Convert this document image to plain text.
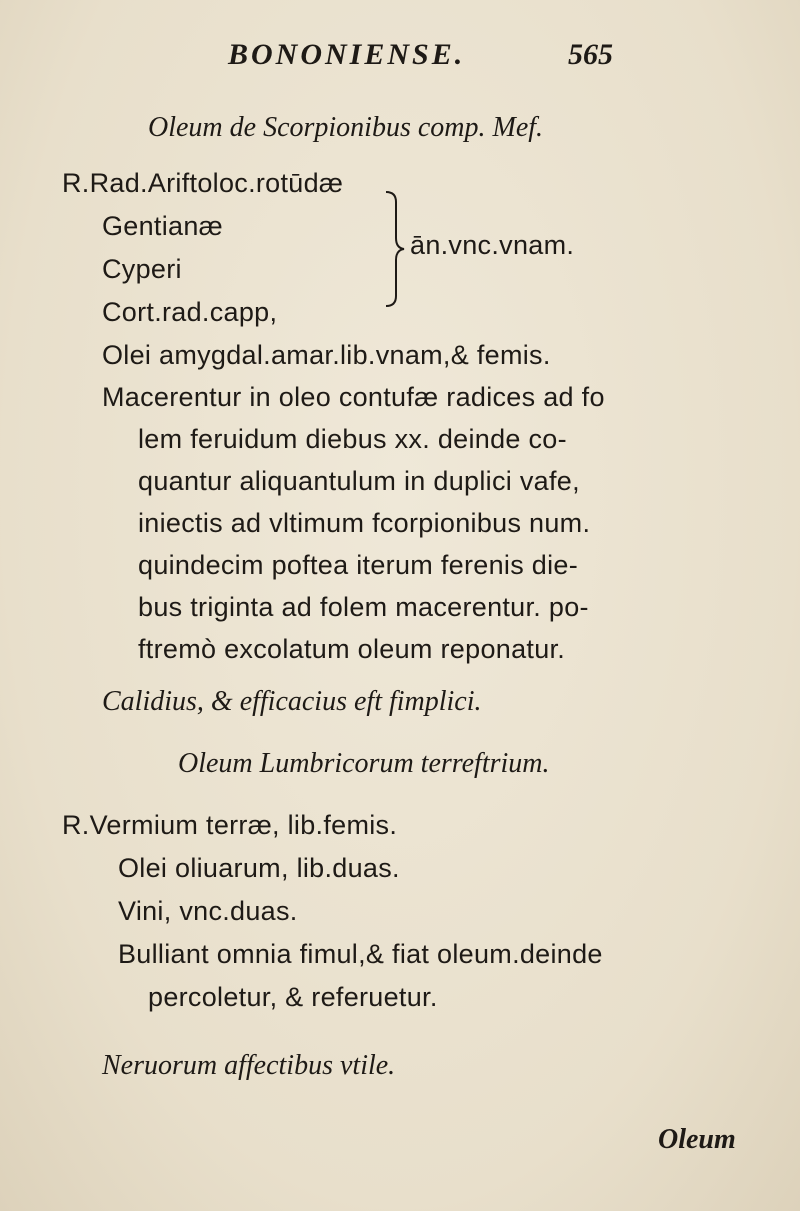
BONONIENSE.	565
Oleum de Scorpionibus comp. Mef.
R.Rad.Ariftoloc.rotūdæ
Gentianæ
Cyperi
Cort.rad.capp,
ān.vnc.vnam.
Olei amygdal.amar.lib.vnam,& femis.
Macerentur in oleo contufæ radices ad fo
lem feruidum diebus xx. deinde co-
quantur aliquantulum in duplici vafe,
iniectis ad vltimum fcorpionibus num.
quindecim poftea iterum ferenis die-
bus triginta ad folem macerentur. po-
ftremò excolatum oleum reponatur.
Calidius, & efficacius eft fimplici.
Oleum Lumbricorum terreftrium.
R.Vermium terræ, lib.femis.
Olei oliuarum, lib.duas.
Vini, vnc.duas.
Bulliant omnia fimul,& fiat oleum.deinde
percoletur, & referuetur.
Neruorum affectibus vtile.
Oleum
